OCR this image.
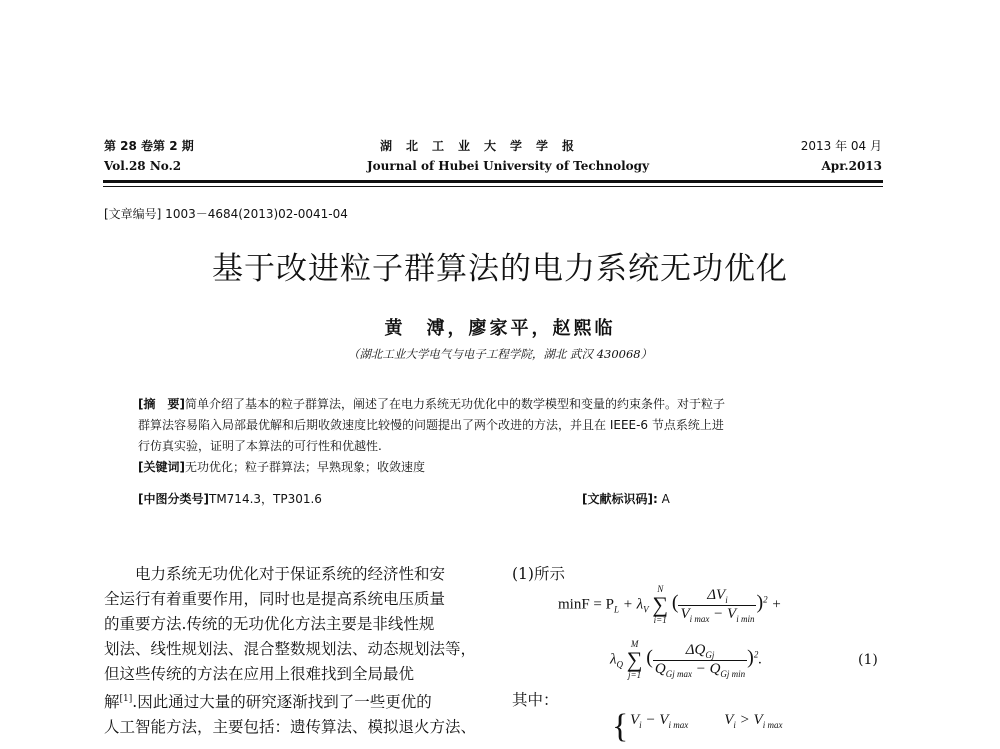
第 28 卷第 2 期	湖　北　工　业　大　学　学　报	2013 年 04 月
Vol.28 No.2	Journal of Hubei University of Technology	Apr.2013
[文章编号] 1003－4684(2013)02-0041-04
基于改进粒子群算法的电力系统无功优化
黄　溥，廖家平，赵熙临
（湖北工业大学电气与电子工程学院，湖北 武汉 430068）
[摘　要]简单介绍了基本的粒子群算法，阐述了在电力系统无功优化中的数学模型和变量的约束条件。对于粒子
群算法容易陷入局部最优解和后期收敛速度比较慢的问题提出了两个改进的方法，并且在 IEEE-6 节点系统上进
行仿真实验，证明了本算法的可行性和优越性.
[关键词]无功优化；粒子群算法；早熟现象；收敛速度
[中图分类号]TM714.3，TP301.6	[文献标识码]: A
　　电力系统无功优化对于保证系统的经济性和安
全运行有着重要作用，同时也是提高系统电压质量
的重要方法.传统的无功优化方法主要是非线性规
划法、线性规划法、混合整数规划法、动态规划法等，
但这些传统的方法在应用上很难找到全局最优
解[1].因此通过大量的研究逐渐找到了一些更优的
人工智能方法，主要包括：遗传算法、模拟退火方法、
(1)所示
$\min F = P_L + \lambda_V$
N
∑
i=1
( $\frac{\Delta V_i}{V_{i max} - V_{i min}} )^2$ +
$\lambda_Q$
M
∑
j=1
( $\frac{\Delta Q_{Gj}}{Q_{Gj max} - Q_{Gj min}} )^2$.	(1)
其中：
{ $V_i - V_{i max}$ $V_i > V_{i max}$
